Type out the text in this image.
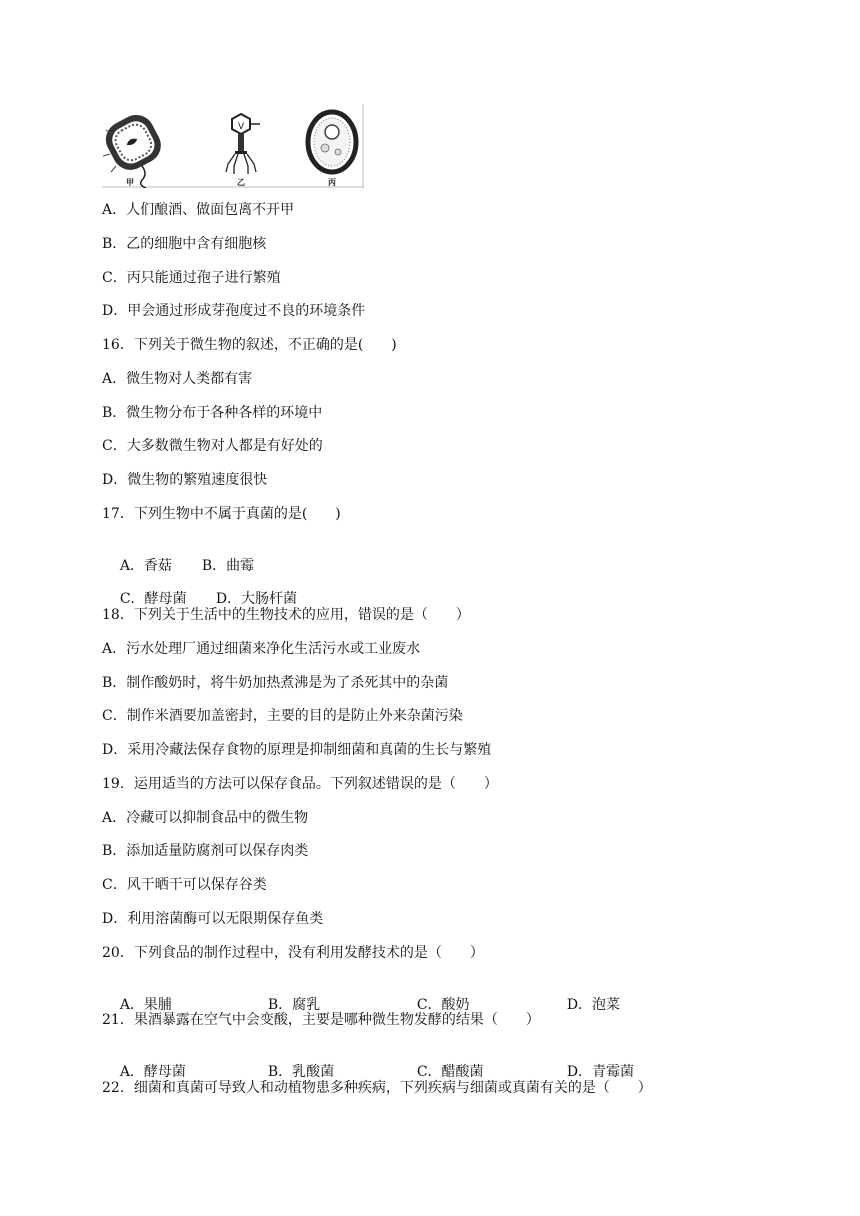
V
甲	乙	丙
A．人们酿酒、做面包离不开甲
B．乙的细胞中含有细胞核
C．丙只能通过孢子进行繁殖
D．甲会通过形成芽孢度过不良的环境条件
16．下列关于微生物的叙述，不正确的是(　　)
A．微生物对人类都有害
B．微生物分布于各种各样的环境中
C．大多数微生物对人都是有好处的
D．微生物的繁殖速度很快
17．下列生物中不属于真菌的是(　　)

A．香菇 B．曲霉

C．酵母菌 D．大肠杆菌

18．下列关于生活中的生物技术的应用，错误的是（　　）
A．污水处理厂通过细菌来净化生活污水或工业废水
B．制作酸奶时，将牛奶加热煮沸是为了杀死其中的杂菌
C．制作米酒要加盖密封，主要的目的是防止外来杂菌污染
D．采用冷藏法保存食物的原理是抑制细菌和真菌的生长与繁殖
19．运用适当的方法可以保存食品。下列叙述错误的是（　　）
A．冷藏可以抑制食品中的微生物
B．添加适量防腐剂可以保存肉类
C．风干晒干可以保存谷类
D．利用溶菌酶可以无限期保存鱼类
20．下列食品的制作过程中，没有利用发酵技术的是（　　）

A．果脯	B．腐乳	C．酸奶	D．泡菜

21．果酒暴露在空气中会变酸，主要是哪种微生物发酵的结果（　　）

A．酵母菌	B．乳酸菌	C．醋酸菌	D．青霉菌

22．细菌和真菌可导致人和动植物患多种疾病，下列疾病与细菌或真菌有关的是（　　）
